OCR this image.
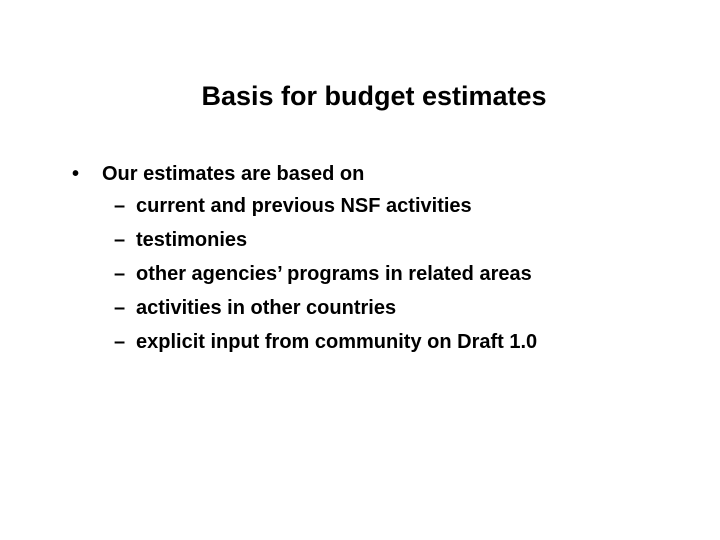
Basis for budget estimates
• Our estimates are based on
– current and previous NSF activities
– testimonies
– other agencies’ programs in related areas
– activities in other countries
– explicit input from community on Draft 1.0
